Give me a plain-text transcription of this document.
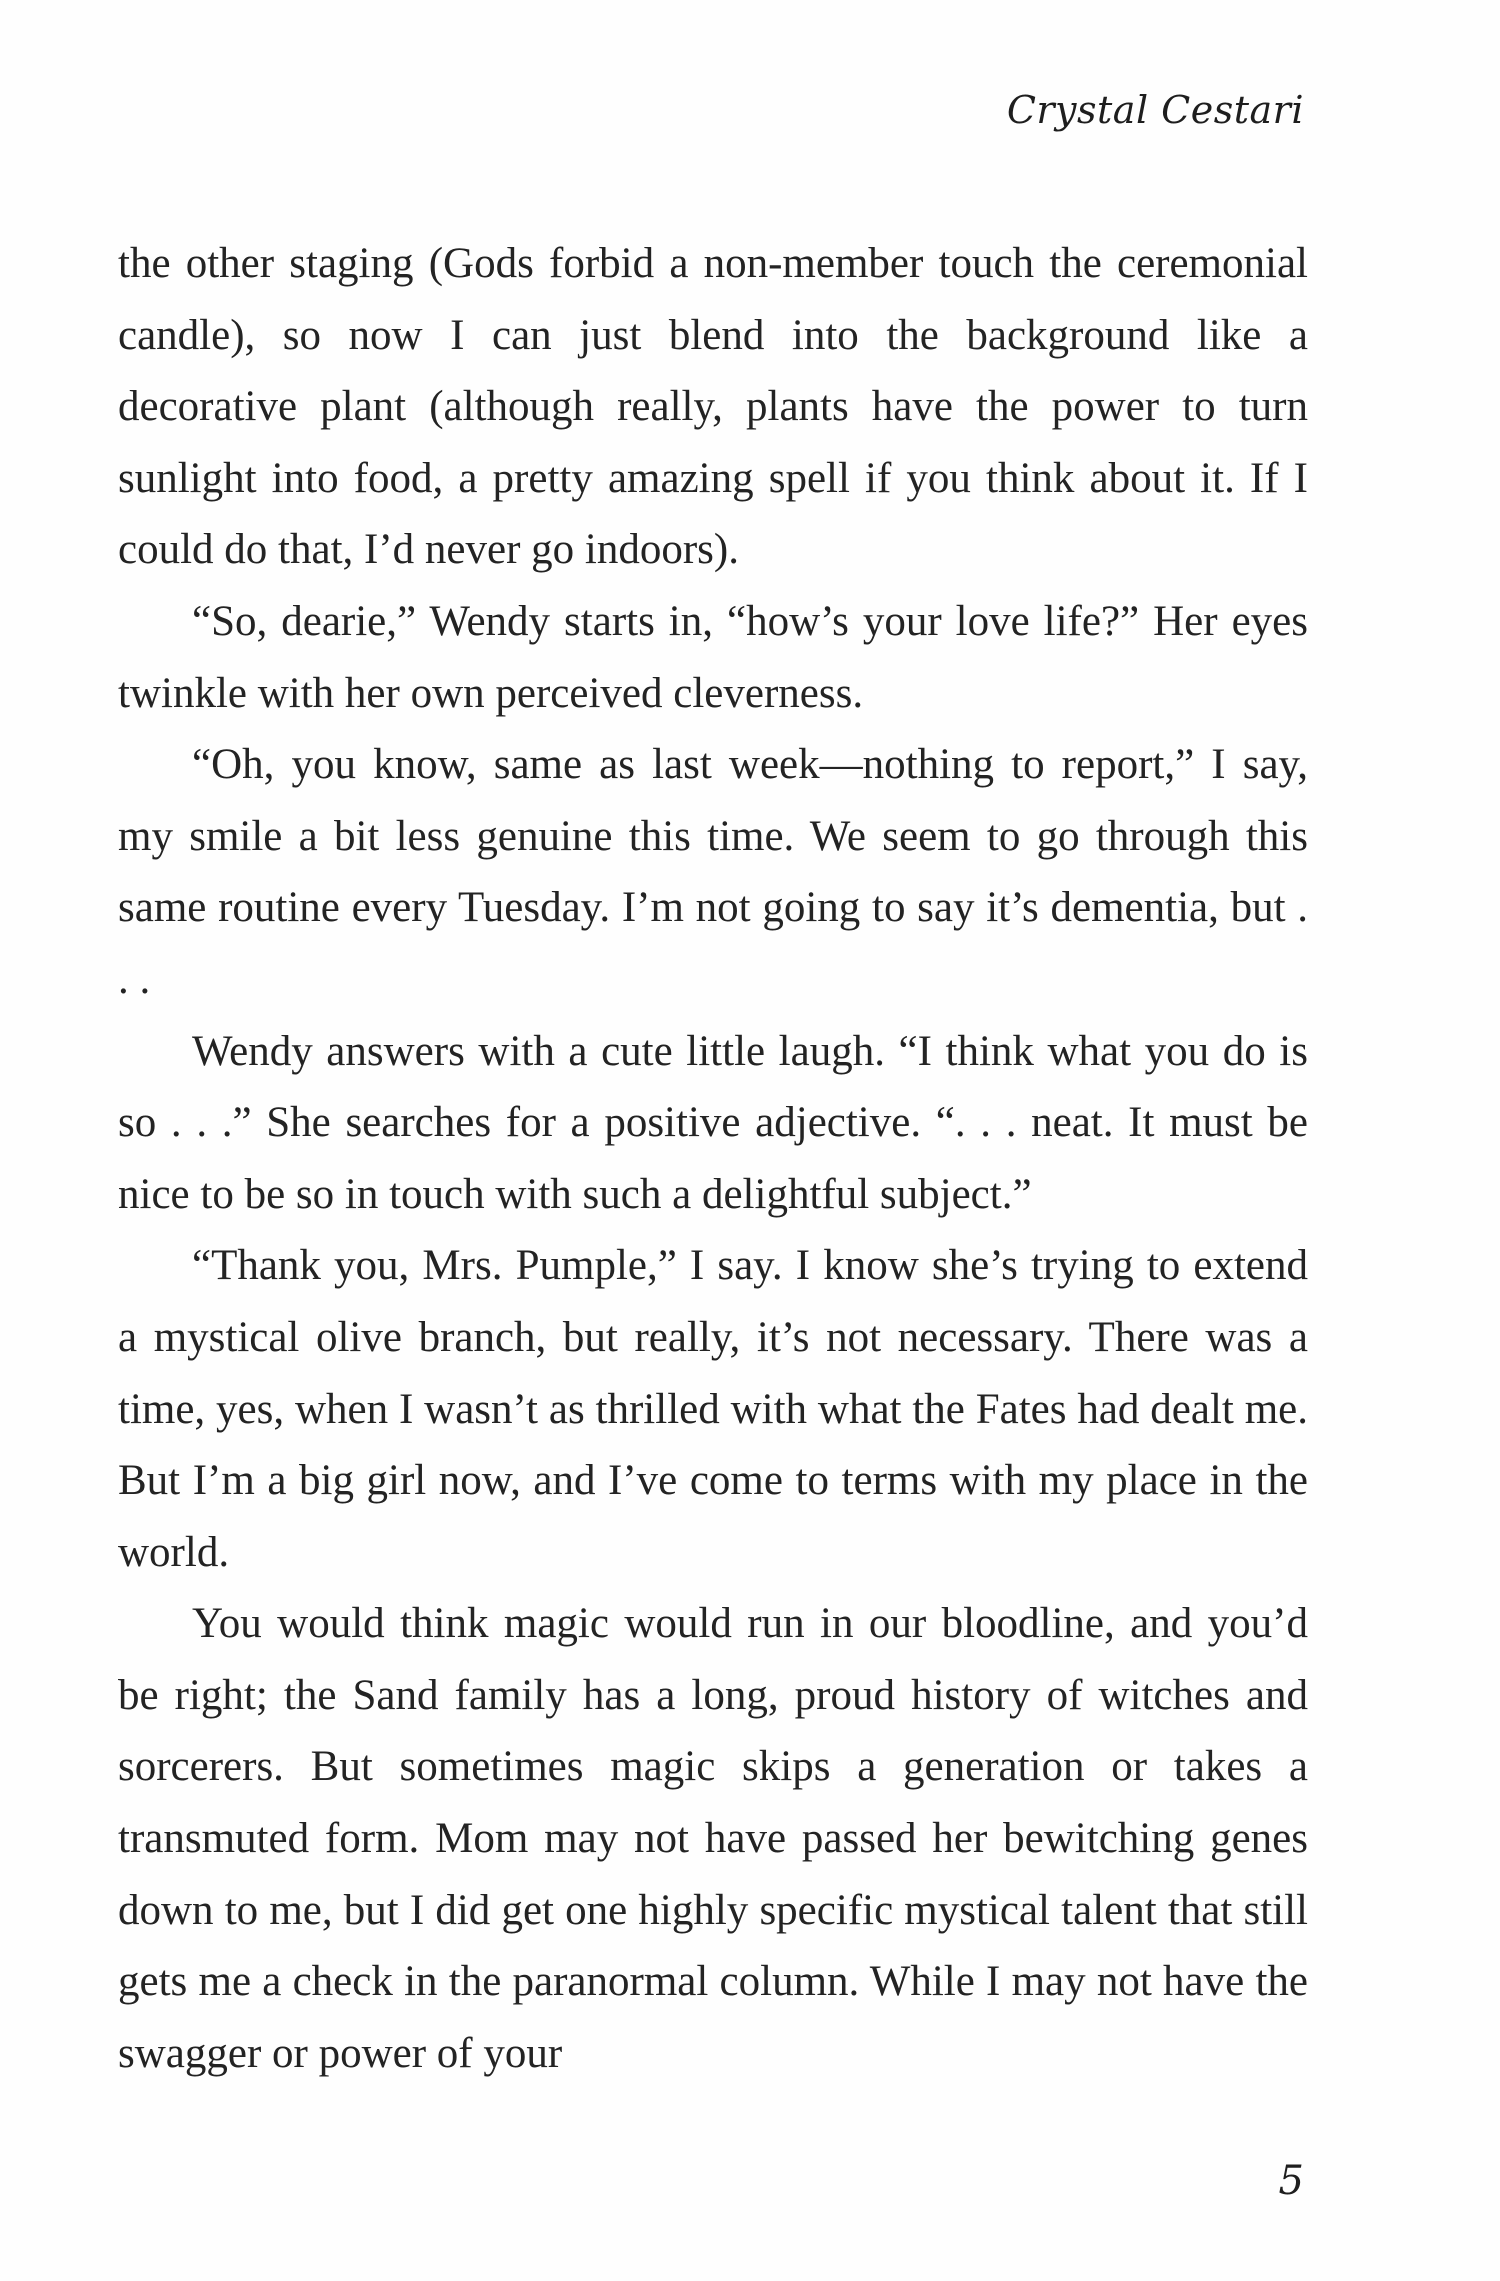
Crystal Cestari

the other staging (Gods forbid a non-member touch the ceremonial candle), so now I can just blend into the background like a decorative plant (although really, plants have the power to turn sunlight into food, a pretty amazing spell if you think about it. If I could do that, I’d never go indoors).

“So, dearie,” Wendy starts in, “how’s your love life?” Her eyes twinkle with her own perceived cleverness.

“Oh, you know, same as last week—nothing to report,” I say, my smile a bit less genuine this time. We seem to go through this same routine every Tuesday. I’m not going to say it’s dementia, but . . .

Wendy answers with a cute little laugh. “I think what you do is so . . .” She searches for a positive adjective. “. . . neat. It must be nice to be so in touch with such a delightful subject.”

“Thank you, Mrs. Pumple,” I say. I know she’s trying to extend a mystical olive branch, but really, it’s not necessary. There was a time, yes, when I wasn’t as thrilled with what the Fates had dealt me. But I’m a big girl now, and I’ve come to terms with my place in the world.

You would think magic would run in our bloodline, and you’d be right; the Sand family has a long, proud history of witches and sorcerers. But sometimes magic skips a generation or takes a transmuted form. Mom may not have passed her bewitching genes down to me, but I did get one highly specific mystical talent that still gets me a check in the paranormal column. While I may not have the swagger or power of your

5
